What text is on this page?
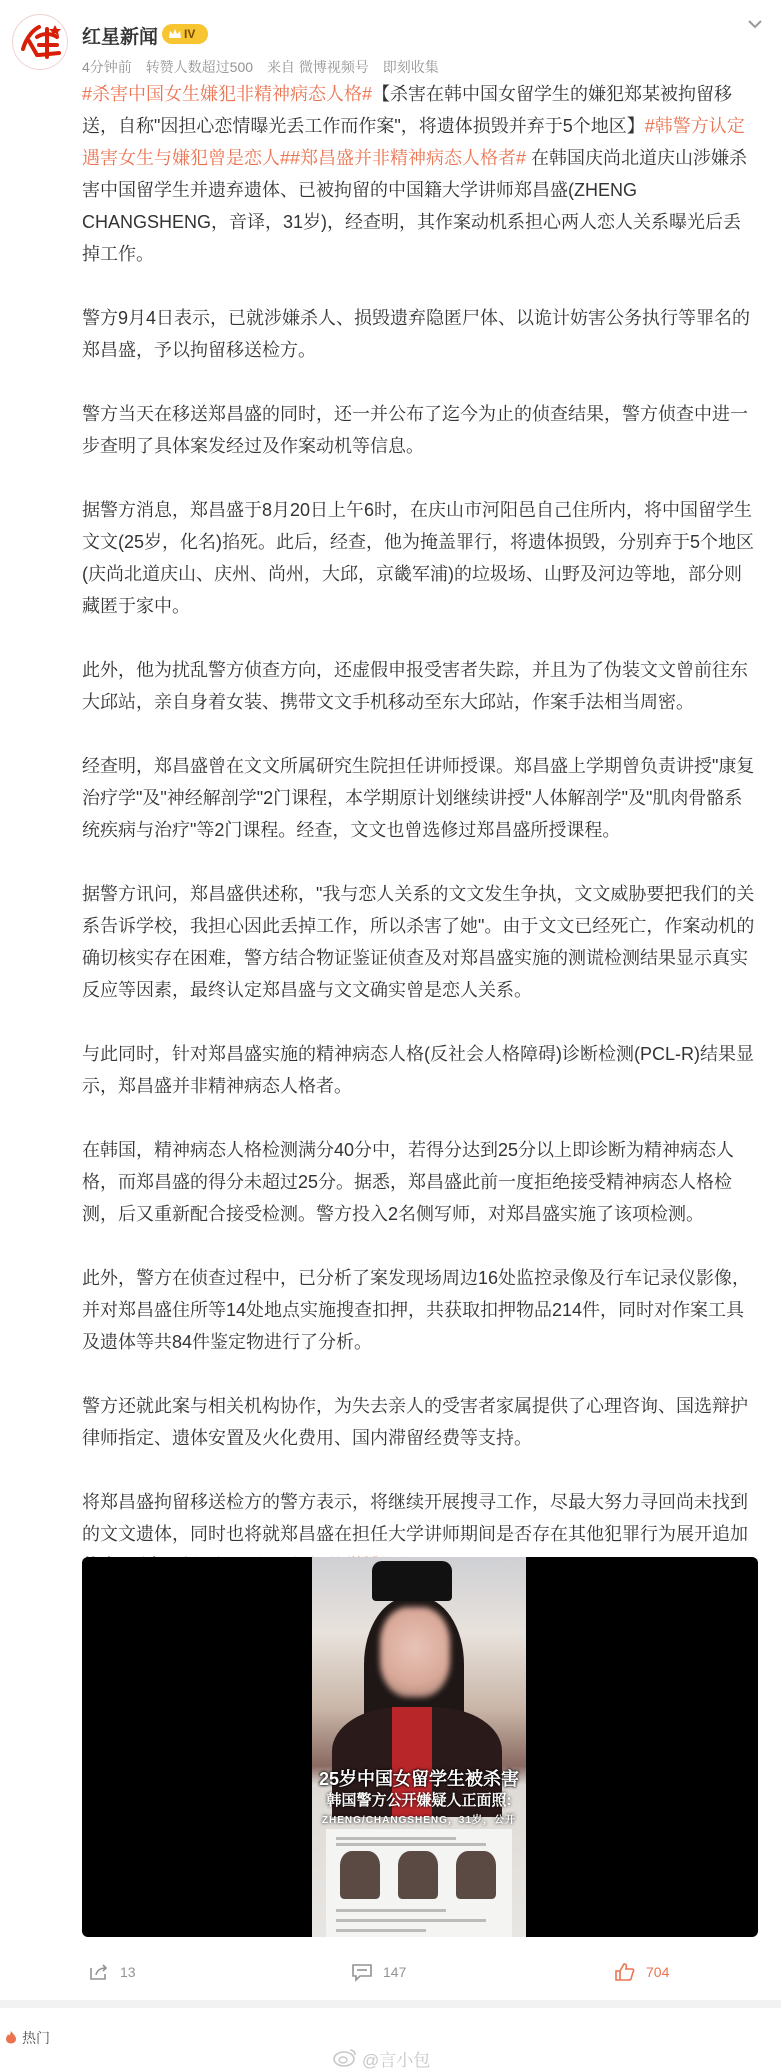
红星新闻	IV
4分钟前 转赞人数超过500 来自 微博视频号 即刻收集

#杀害中国女生嫌犯非精神病态人格#【杀害在韩中国女留学生的嫌犯郑某被拘留移送，自称"因担心恋情曝光丢工作而作案"，将遗体损毁并弃于5个地区】#韩警方认定遇害女生与嫌犯曾是恋人##郑昌盛并非精神病态人格者# 在韩国庆尚北道庆山涉嫌杀害中国留学生并遗弃遗体、已被拘留的中国籍大学讲师郑昌盛(ZHENG CHANGSHENG，音译，31岁)，经查明，其作案动机系担心两人恋人关系曝光后丢掉工作。

警方9月4日表示，已就涉嫌杀人、损毁遗弃隐匿尸体、以诡计妨害公务执行等罪名的郑昌盛，予以拘留移送检方。

警方当天在移送郑昌盛的同时，还一并公布了迄今为止的侦查结果，警方侦查中进一步查明了具体案发经过及作案动机等信息。

据警方消息，郑昌盛于8月20日上午6时，在庆山市河阳邑自己住所内，将中国留学生文文(25岁，化名)掐死。此后，经查，他为掩盖罪行，将遗体损毁，分别弃于5个地区(庆尚北道庆山、庆州、尚州，大邱，京畿军浦)的垃圾场、山野及河边等地，部分则藏匿于家中。

此外，他为扰乱警方侦查方向，还虚假申报受害者失踪，并且为了伪装文文曾前往东大邱站，亲自身着女装、携带文文手机移动至东大邱站，作案手法相当周密。

经查明，郑昌盛曾在文文所属研究生院担任讲师授课。郑昌盛上学期曾负责讲授"康复治疗学"及"神经解剖学"2门课程，本学期原计划继续讲授"人体解剖学"及"肌肉骨骼系统疾病与治疗"等2门课程。经查，文文也曾选修过郑昌盛所授课程。

据警方讯问，郑昌盛供述称，"我与恋人关系的文文发生争执，文文威胁要把我们的关系告诉学校，我担心因此丢掉工作，所以杀害了她"。由于文文已经死亡，作案动机的确切核实存在困难，警方结合物证鉴证侦查及对郑昌盛实施的测谎检测结果显示真实反应等因素，最终认定郑昌盛与文文确实曾是恋人关系。

与此同时，针对郑昌盛实施的精神病态人格(反社会人格障碍)诊断检测(PCL-R)结果显示，郑昌盛并非精神病态人格者。

在韩国，精神病态人格检测满分40分中，若得分达到25分以上即诊断为精神病态人格，而郑昌盛的得分未超过25分。据悉，郑昌盛此前一度拒绝接受精神病态人格检测，后又重新配合接受检测。警方投入2名侧写师，对郑昌盛实施了该项检测。

此外，警方在侦查过程中，已分析了案发现场周边16处监控录像及行车记录仪影像，并对郑昌盛住所等14处地点实施搜查扣押，共获取扣押物品214件，同时对作案工具及遗体等共84件鉴定物进行了分析。

警方还就此案与相关机构协作，为失去亲人的受害者家属提供了心理咨询、国选辩护律师指定、遗体安置及火化费用、国内滞留经费等支持。

将郑昌盛拘留移送检方的警方表示，将继续开展搜寻工作，尽最大努力寻回尚未找到的文文遗体，同时也将就郑昌盛在担任大学讲师期间是否存在其他犯罪行为展开追加

25岁中国女留学生被杀害
韩国警方公开嫌疑人正面照:
ZHENG/CHANGSHENG，31岁，公开
13	147	704
热门
@言小包
